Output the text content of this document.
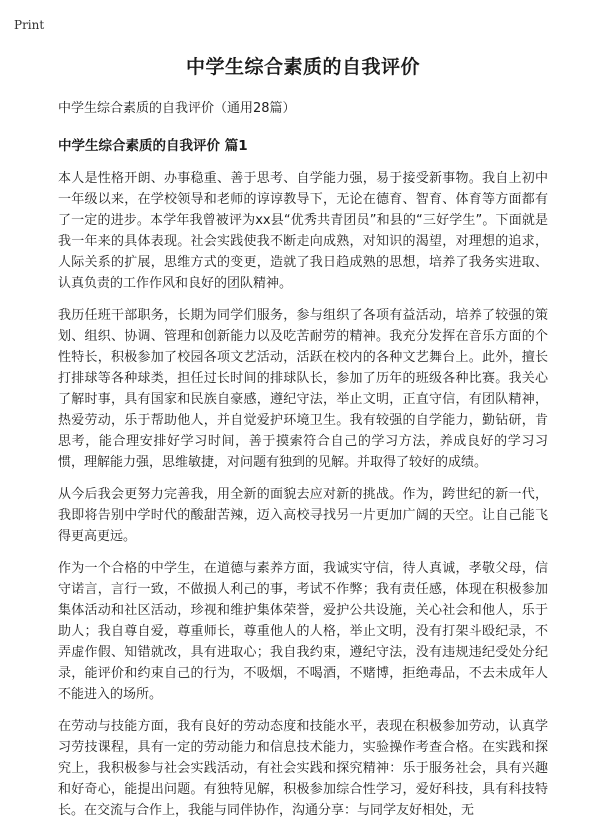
Print
中学生综合素质的自我评价

中学生综合素质的自我评价（通用28篇）

中学生综合素质的自我评价 篇1

本人是性格开朗、办事稳重、善于思考、自学能力强，易于接受新事物。我自上初中一年级以来，在学校领导和老师的谆谆教导下，无论在德育、智育、体育等方面都有了一定的进步。本学年我曾被评为xx县“优秀共青团员”和县的“三好学生”。下面就是我一年来的具体表现。社会实践使我不断走向成熟，对知识的渴望，对理想的追求，人际关系的扩展，思维方式的变更，造就了我日趋成熟的思想，培养了我务实进取、认真负责的工作作风和良好的团队精神。

我历任班干部职务，长期为同学们服务，参与组织了各项有益活动，培养了较强的策划、组织、协调、管理和创新能力以及吃苦耐劳的精神。我充分发挥在音乐方面的个性特长，积极参加了校园各项文艺活动，活跃在校内的各种文艺舞台上。此外，擅长打排球等各种球类，担任过长时间的排球队长，参加了历年的班级各种比赛。我关心了解时事，具有国家和民族自豪感，遵纪守法，举止文明，正直守信，有团队精神，热爱劳动，乐于帮助他人，并自觉爱护环境卫生。我有较强的自学能力，勤钻研，肯思考，能合理安排好学习时间，善于摸索符合自己的学习方法，养成良好的学习习惯，理解能力强，思维敏捷，对问题有独到的见解。并取得了较好的成绩。

从今后我会更努力完善我，用全新的面貌去应对新的挑战。作为，跨世纪的新一代，我即将告别中学时代的酸甜苦辣，迈入高校寻找另一片更加广阔的天空。让自己能飞得更高更远。

作为一个合格的中学生，在道德与素养方面，我诚实守信，待人真诚，孝敬父母，信守诺言，言行一致，不做损人利己的事，考试不作弊；我有责任感，体现在积极参加集体活动和社区活动，珍视和维护集体荣誉，爱护公共设施，关心社会和他人，乐于助人；我自尊自爱，尊重师长，尊重他人的人格，举止文明，没有打架斗殴纪录，不弄虚作假、知错就改，具有进取心；我自我约束，遵纪守法，没有违规违纪受处分纪录，能评价和约束自己的行为，不吸烟，不喝酒，不赌博，拒绝毒品，不去未成年人不能进入的场所。

在劳动与技能方面，我有良好的劳动态度和技能水平，表现在积极参加劳动，认真学习劳技课程，具有一定的劳动能力和信息技术能力，实验操作考查合格。在实践和探究上，我积极参与社会实践活动，有社会实践和探究精神：乐于服务社会，具有兴趣和好奇心，能提出问题。有独特见解，积极参加综合性学习，爱好科技，具有科技特长。在交流与合作上，我能与同伴协作，沟通分享：与同学友好相处，无
